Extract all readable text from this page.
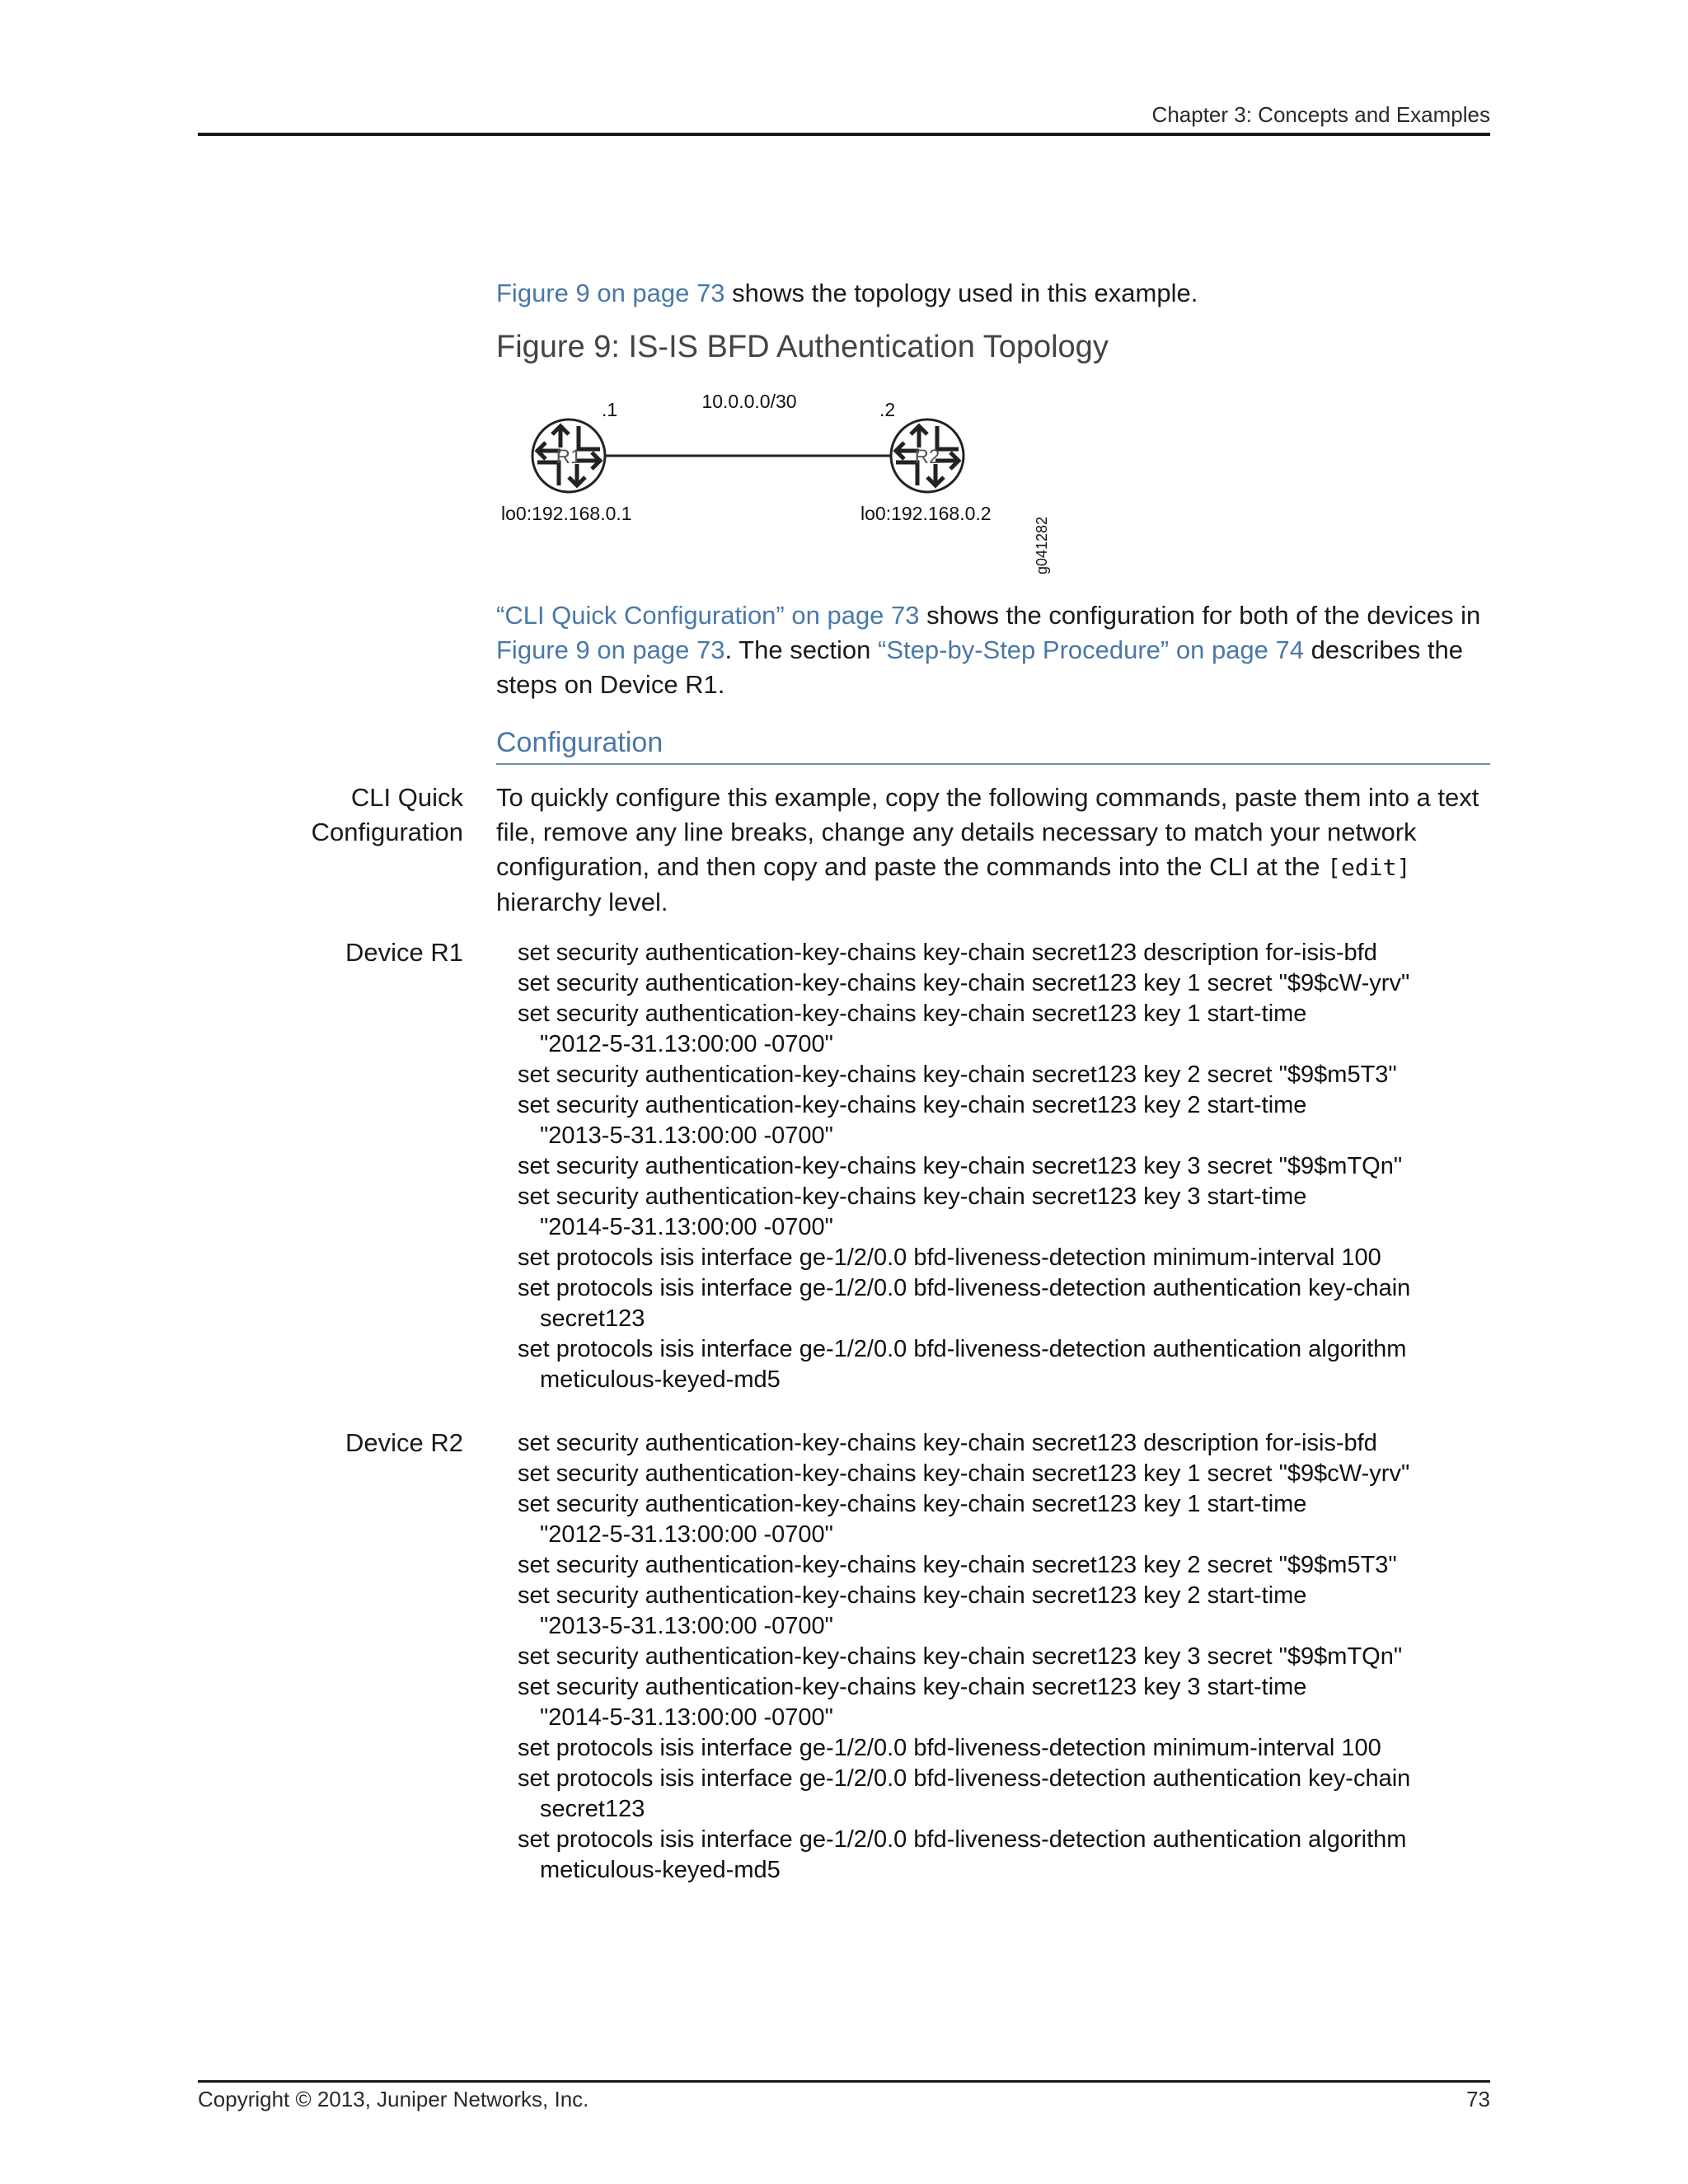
Chapter 3: Concepts and Examples
Figure 9 on page 73 shows the topology used in this example.
Figure 9: IS-IS BFD Authentication Topology
R1	R2
10.0.0.0/30
.1	.2
lo0:192.168.0.1	lo0:192.168.0.2
g041282
“CLI Quick Configuration” on page 73 shows the configuration for both of the devices in Figure 9 on page 73. The section “Step-by-Step Procedure” on page 74 describes the steps on Device R1.
Configuration
CLI Quick
Configuration
To quickly configure this example, copy the following commands, paste them into a text file, remove any line breaks, change any details necessary to match your network configuration, and then copy and paste the commands into the CLI at the [edit] hierarchy level.
Device R1 set security authentication-key-chains key-chain secret123 description for-isis-bfd
set security authentication-key-chains key-chain secret123 key 1 secret "$9$cW-yrv"
set security authentication-key-chains key-chain secret123 key 1 start-time
"2012-5-31.13:00:00 -0700"
set security authentication-key-chains key-chain secret123 key 2 secret "$9$m5T3"
set security authentication-key-chains key-chain secret123 key 2 start-time
"2013-5-31.13:00:00 -0700"
set security authentication-key-chains key-chain secret123 key 3 secret "$9$mTQn"
set security authentication-key-chains key-chain secret123 key 3 start-time
"2014-5-31.13:00:00 -0700"
set protocols isis interface ge-1/2/0.0 bfd-liveness-detection minimum-interval 100
set protocols isis interface ge-1/2/0.0 bfd-liveness-detection authentication key-chain
secret123
set protocols isis interface ge-1/2/0.0 bfd-liveness-detection authentication algorithm
meticulous-keyed-md5
Device R2 set security authentication-key-chains key-chain secret123 description for-isis-bfd
set security authentication-key-chains key-chain secret123 key 1 secret "$9$cW-yrv"
set security authentication-key-chains key-chain secret123 key 1 start-time
"2012-5-31.13:00:00 -0700"
set security authentication-key-chains key-chain secret123 key 2 secret "$9$m5T3"
set security authentication-key-chains key-chain secret123 key 2 start-time
"2013-5-31.13:00:00 -0700"
set security authentication-key-chains key-chain secret123 key 3 secret "$9$mTQn"
set security authentication-key-chains key-chain secret123 key 3 start-time
"2014-5-31.13:00:00 -0700"
set protocols isis interface ge-1/2/0.0 bfd-liveness-detection minimum-interval 100
set protocols isis interface ge-1/2/0.0 bfd-liveness-detection authentication key-chain
secret123
set protocols isis interface ge-1/2/0.0 bfd-liveness-detection authentication algorithm
meticulous-keyed-md5
Copyright © 2013, Juniper Networks, Inc.	73
